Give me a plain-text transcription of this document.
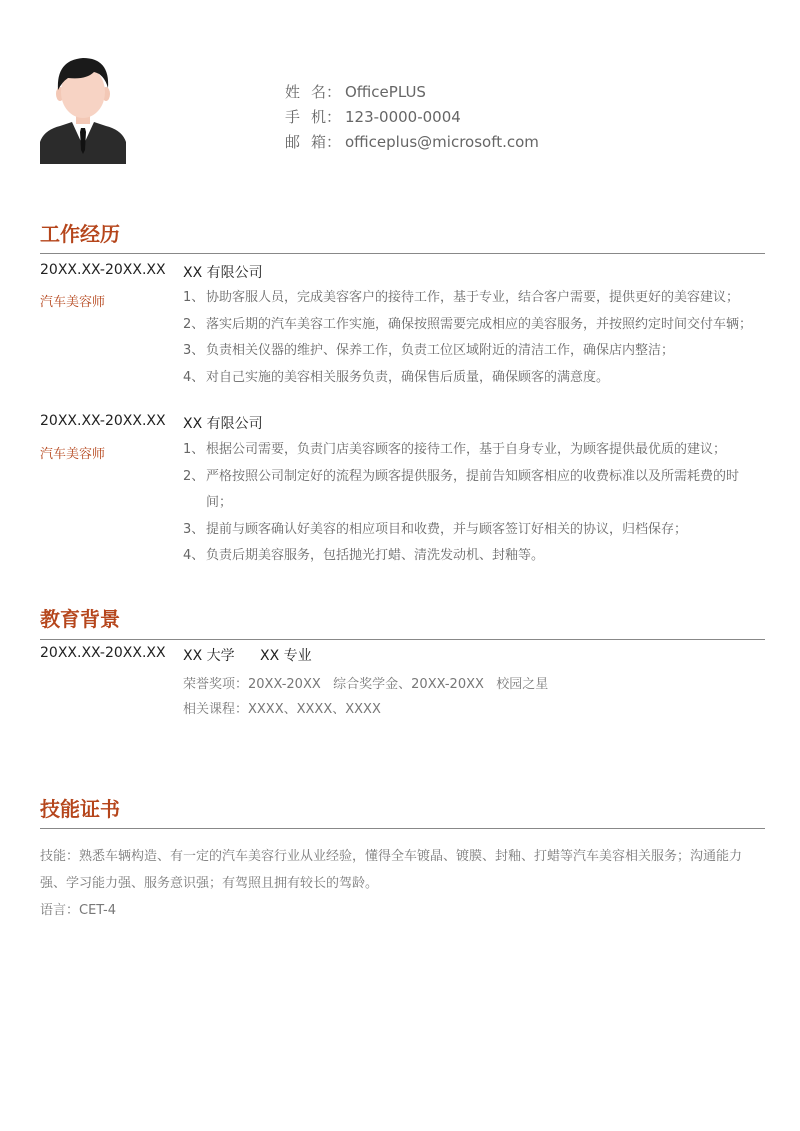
姓 名： OfficePLUS
手 机： 123-0000-0004
邮 箱： officeplus@microsoft.com
工作经历
20XX.XX-20XX.XX XX 有限公司
汽车美容师	1、 协助客服人员，完成美容客户的接待工作，基于专业，结合客户需要，提供更好的美容建议；
2、 落实后期的汽车美容工作实施，确保按照需要完成相应的美容服务，并按照约定时间交付车辆；
3、 负责相关仪器的维护、保养工作，负责工位区域附近的清洁工作，确保店内整洁；
4、 对自己实施的美容相关服务负责，确保售后质量，确保顾客的满意度。
20XX.XX-20XX.XX XX 有限公司
汽车美容师	1、 根据公司需要，负责门店美容顾客的接待工作，基于自身专业，为顾客提供最优质的建议；
2、 严格按照公司制定好的流程为顾客提供服务，提前告知顾客相应的收费标准以及所需耗费的时间；
3、 提前与顾客确认好美容的相应项目和收费，并与顾客签订好相关的协议，归档保存；
4、 负责后期美容服务，包括抛光打蜡、清洗发动机、封釉等。
教育背景
20XX.XX-20XX.XX XX 大学 XX 专业
荣誉奖项：20XX-20XX   综合奖学金、20XX-20XX   校园之星
相关课程：XXXX、XXXX、XXXX
技能证书
技能：熟悉车辆构造、有一定的汽车美容行业从业经验，懂得全车镀晶、镀膜、封釉、打蜡等汽车美容相关服务；沟通能力强、学习能力强、服务意识强；有驾照且拥有较长的驾龄。
语言：CET-4
